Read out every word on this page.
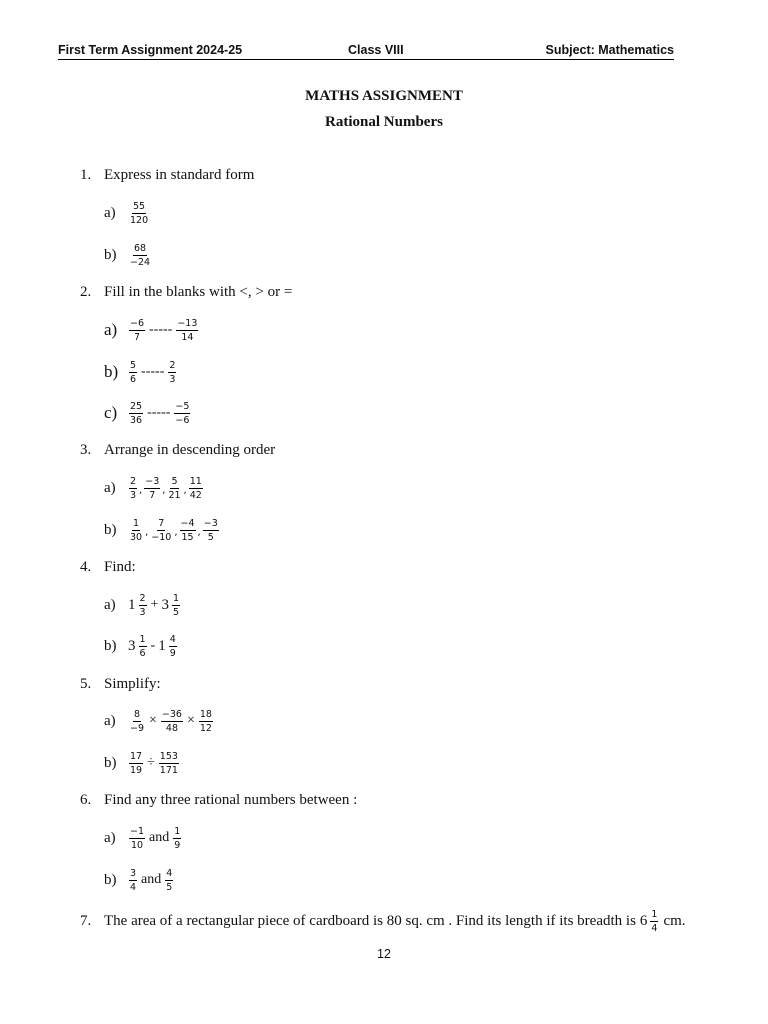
First Term Assignment 2024-25	Class VIII	Subject: Mathematics
MATHS ASSIGNMENT
Rational Numbers
1. Express in standard form
a)	55
120
b)	68
−24
2. Fill in the blanks with <, > or =
a)	−6
7 ----- −13
14
b)	5
6 ----- 2
3
c)	25
36 ----- −5
−6
3. Arrange in descending order
a)	2
3 ,
−3
7 ,
5
21 ,
11
42
b)	1
30 ,
7
−10 ,
−4
15 ,
−3
5
4. Find:
a) 1 2
3 + 3 1
5
b) 3 1
6 - 1 4
9
5. Simplify:
a)	$\frac{8}{-9} \times \frac{-36}{48} \times \frac{18}{12}$
b)	$\frac{17}{19} \div \frac{153}{171}$
6. Find any three rational numbers between :
a)	−1
10 and 1
9
b)	3
4 and 4
5
7. The area of a rectangular piece of cardboard is 80 sq. cm . Find its length if its breadth is 6 1
4 cm.
12
